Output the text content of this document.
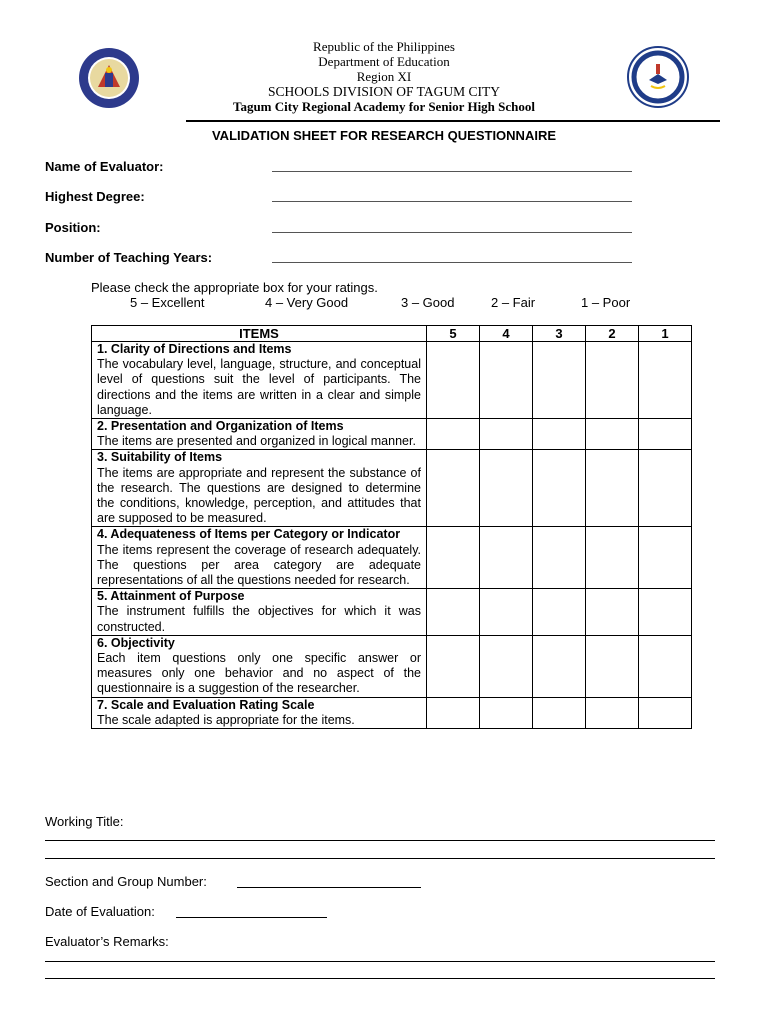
Republic of the Philippines
Department of Education
Region XI
SCHOOLS DIVISION OF TAGUM CITY
Tagum City Regional Academy for Senior High School
VALIDATION SHEET FOR RESEARCH QUESTIONNAIRE
Name of Evaluator:
Highest Degree:
Position:
Number of Teaching Years:
Please check the appropriate box for your ratings.
5 – Excellent	4 – Very Good	3 – Good	2 – Fair	1 – Poor
ITEMS	5	4	3	2	1
1. Clarity of Directions and Items
The vocabulary level, language, structure, and conceptual level of questions suit the level of participants. The directions and the items are written in a clear and simple language.					
2. Presentation and Organization of Items
The items are presented and organized in logical manner.					
3. Suitability of Items
The items are appropriate and represent the substance of the research. The questions are designed to determine the conditions, knowledge, perception, and attitudes that are supposed to be measured.					
4. Adequateness of Items per Category or Indicator
The items represent the coverage of research adequately. The questions per area category are adequate representations of all the questions needed for research.					
5. Attainment of Purpose
The instrument fulfills the objectives for which it was constructed.					
6. Objectivity
Each item questions only one specific answer or measures only one behavior and no aspect of the questionnaire is a suggestion of the researcher.					
7. Scale and Evaluation Rating Scale
The scale adapted is appropriate for the items.					
Working Title:
Section and Group Number:
Date of Evaluation:
Evaluator’s Remarks:
